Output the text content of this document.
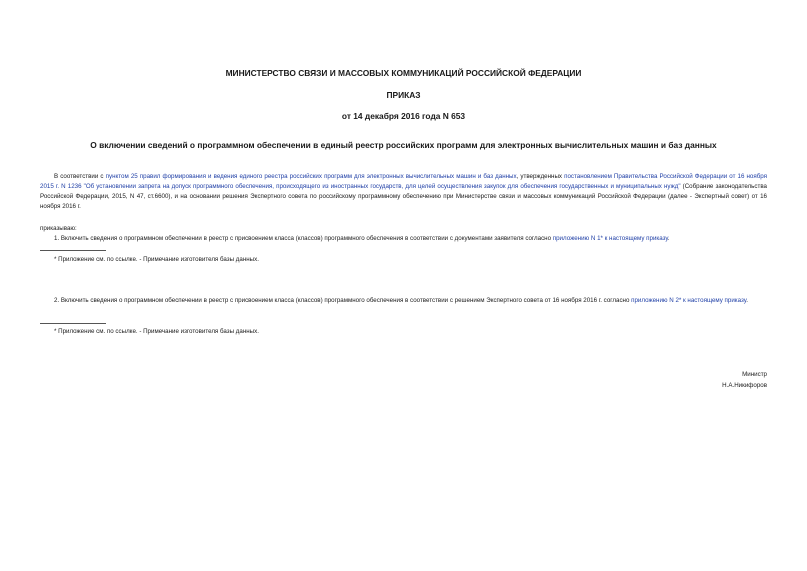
МИНИСТЕРСТВО СВЯЗИ И МАССОВЫХ КОММУНИКАЦИЙ РОССИЙСКОЙ ФЕДЕРАЦИИ
ПРИКАЗ
от 14 декабря 2016 года N 653
О включении сведений о программном обеспечении в единый реестр российских программ для электронных вычислительных машин и баз данных
В соответствии с пунктом 25 правил формирования и ведения единого реестра российских программ для электронных вычислительных машин и баз данных, утвержденных постановлением Правительства Российской Федерации от 16 ноября 2015 г. N 1236 "Об установлении запрета на допуск программного обеспечения, происходящего из иностранных государств, для целей осуществления закупок для обеспечения государственных и муниципальных нужд" (Собрание законодательства Российской Федерации, 2015, N 47, ст.6600), и на основании решения Экспертного совета по российскому программному обеспечению при Министерстве связи и массовых коммуникаций Российской Федерации (далее - Экспертный совет) от 16 ноября 2016 г.
приказываю:
1. Включить сведения о программном обеспечении в реестр с присвоением класса (классов) программного обеспечения в соответствии с документами заявителя согласно приложению N 1* к настоящему приказу.
* Приложение см. по ссылке. - Примечание изготовителя базы данных.
2. Включить сведения о программном обеспечении в реестр с присвоением класса (классов) программного обеспечения в соответствии с решением Экспертного совета от 16 ноября 2016 г. согласно приложению N 2* к настоящему приказу.
* Приложение см. по ссылке. - Примечание изготовителя базы данных.
Министр
Н.А.Никифоров
